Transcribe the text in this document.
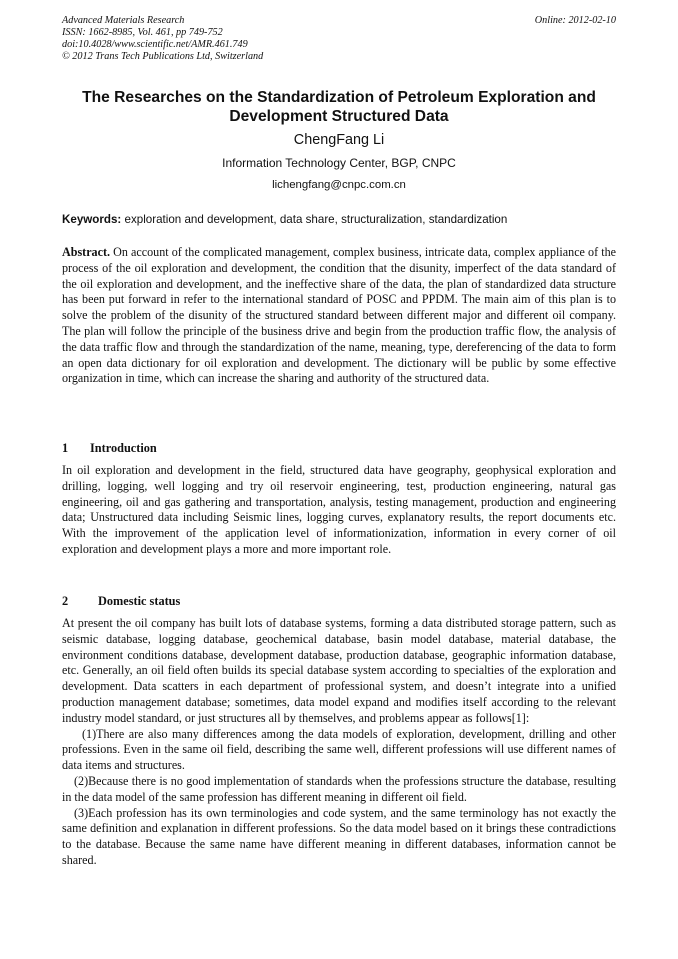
Advanced Materials Research
ISSN: 1662-8985, Vol. 461, pp 749-752
doi:10.4028/www.scientific.net/AMR.461.749
© 2012 Trans Tech Publications Ltd, Switzerland
Online: 2012-02-10
The Researches on the Standardization of Petroleum Exploration and
Development Structured Data
ChengFang Li
Information Technology Center, BGP, CNPC
lichengfang@cnpc.com.cn
Keywords: exploration and development, data share, structuralization, standardization

Abstract. On account of the complicated management, complex business, intricate data, complex appliance of the process of the oil exploration and development, the condition that the disunity, imperfect of the data standard of the oil exploration and development, and the ineffective share of the data, the plan of standardized data structure has been put forward in refer to the international standard of POSC and PPDM. The main aim of this plan is to solve the problem of the disunity of the structured standard between different major and different oil company. The plan will follow the principle of the business drive and begin from the production traffic flow, the analysis of the data traffic flow and through the standardization of the name, meaning, type, dereferencing of the data to form an open data dictionary for oil exploration and development. The dictionary will be public by some effective organization in time, which can increase the sharing and authority of the structured data.

1 Introduction

In oil exploration and development in the field, structured data have geography, geophysical exploration and drilling, logging, well logging and try oil reservoir engineering, test, production engineering, natural gas engineering, oil and gas gathering and transportation, analysis, testing management, production and engineering data; Unstructured data including Seismic lines, logging curves, explanatory results, the report documents etc. With the improvement of the application level of informationization, information in every corner of oil exploration and development plays a more and more important role.

2 Domestic status

At present the oil company has built lots of database systems, forming a data distributed storage pattern, such as seismic database, logging database, geochemical database, basin model database, material database, the environment conditions database, development database, production database, geographic information database, etc. Generally, an oil field often builds its special database system according to specialties of the exploration and development. Data scatters in each department of professional system, and doesn’t integrate into a unified production management database; sometimes, data model expand and modifies itself according to the relevant industry model standard, or just structures all by themselves, and problems appear as follows[1]:

(1)There are also many differences among the data models of exploration, development, drilling and other professions. Even in the same oil field, describing the same well, different professions will use different names of data items and structures.

(2)Because there is no good implementation of standards when the professions structure the database, resulting in the data model of the same profession has different meaning in different oil field.

(3)Each profession has its own terminologies and code system, and the same terminology has not exactly the same definition and explanation in different professions. So the data model based on it brings these contradictions to the database. Because the same name have different meaning in different databases, information cannot be shared.
